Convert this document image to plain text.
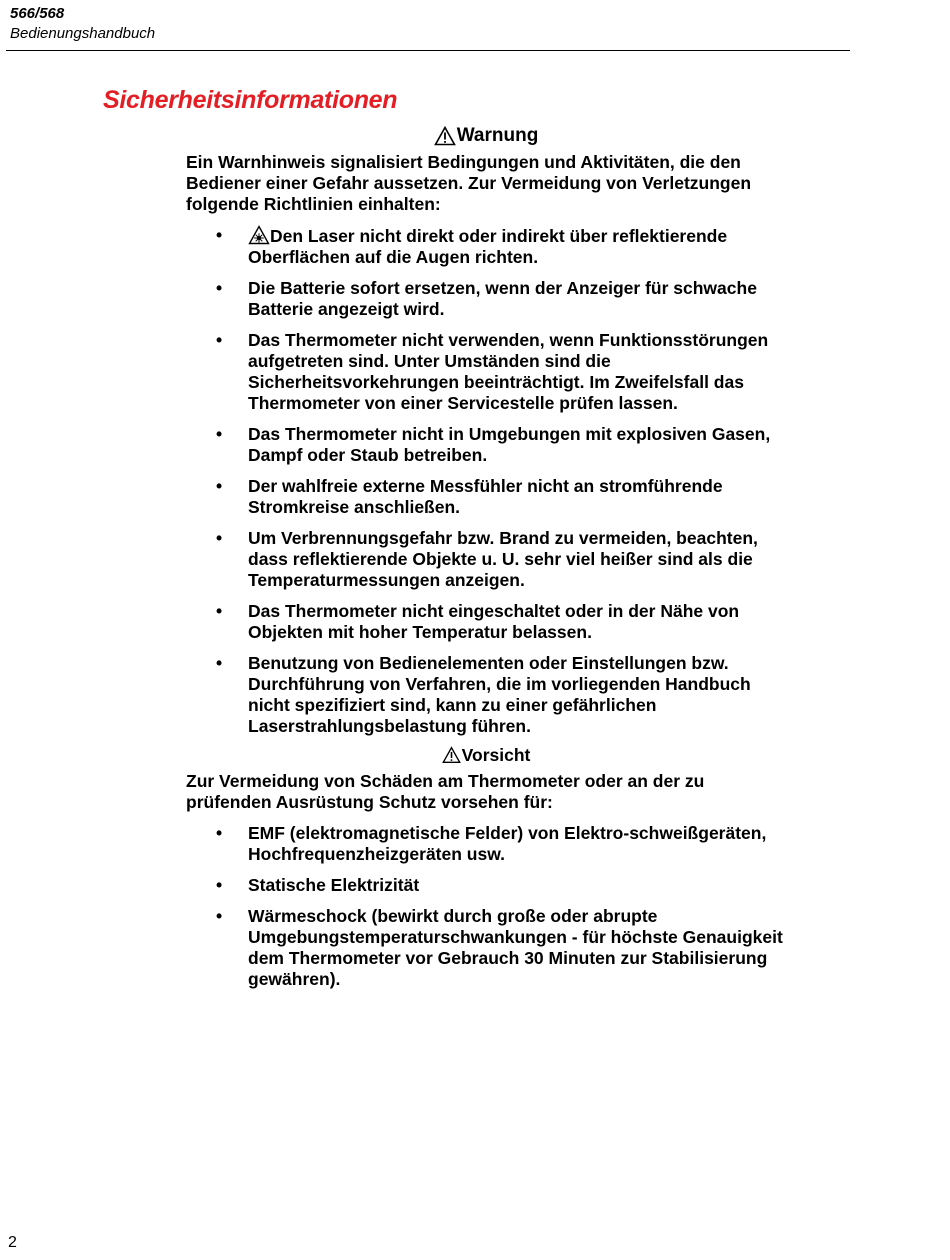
566/568
Bedienungshandbuch
Sicherheitsinformationen
Warnung

Ein Warnhinweis signalisiert Bedingungen und Aktivitäten, die den Bediener einer Gefahr aussetzen. Zur Vermeidung von Verletzungen folgende Richtlinien einhalten:

•	Den Laser nicht direkt oder indirekt über reflektierende Oberflächen auf die Augen richten.
• Die Batterie sofort ersetzen, wenn der Anzeiger für schwache Batterie angezeigt wird.
• Das Thermometer nicht verwenden, wenn Funktionsstörungen aufgetreten sind. Unter Umständen sind die Sicherheitsvorkehrungen beeinträchtigt. Im Zweifelsfall das Thermometer von einer Servicestelle prüfen lassen.
• Das Thermometer nicht in Umgebungen mit explosiven Gasen, Dampf oder Staub betreiben.
• Der wahlfreie externe Messfühler nicht an stromführende Stromkreise anschließen.
• Um Verbrennungsgefahr bzw. Brand zu vermeiden, beachten, dass reflektierende Objekte u. U. sehr viel heißer sind als die Temperaturmessungen anzeigen.
• Das Thermometer nicht eingeschaltet oder in der Nähe von Objekten mit hoher Temperatur belassen.
• Benutzung von Bedienelementen oder Einstellungen bzw. Durchführung von Verfahren, die im vorliegenden Handbuch nicht spezifiziert sind, kann zu einer gefährlichen Laserstrahlungsbelastung führen.
Vorsicht

Zur Vermeidung von Schäden am Thermometer oder an der zu prüfenden Ausrüstung Schutz vorsehen für:

• EMF (elektromagnetische Felder) von Elektro-schweißgeräten, Hochfrequenzheizgeräten usw.
• Statische Elektrizität
• Wärmeschock (bewirkt durch große oder abrupte Umgebungstemperaturschwankungen - für höchste Genauigkeit dem Thermometer vor Gebrauch 30 Minuten zur Stabilisierung gewähren).
2
